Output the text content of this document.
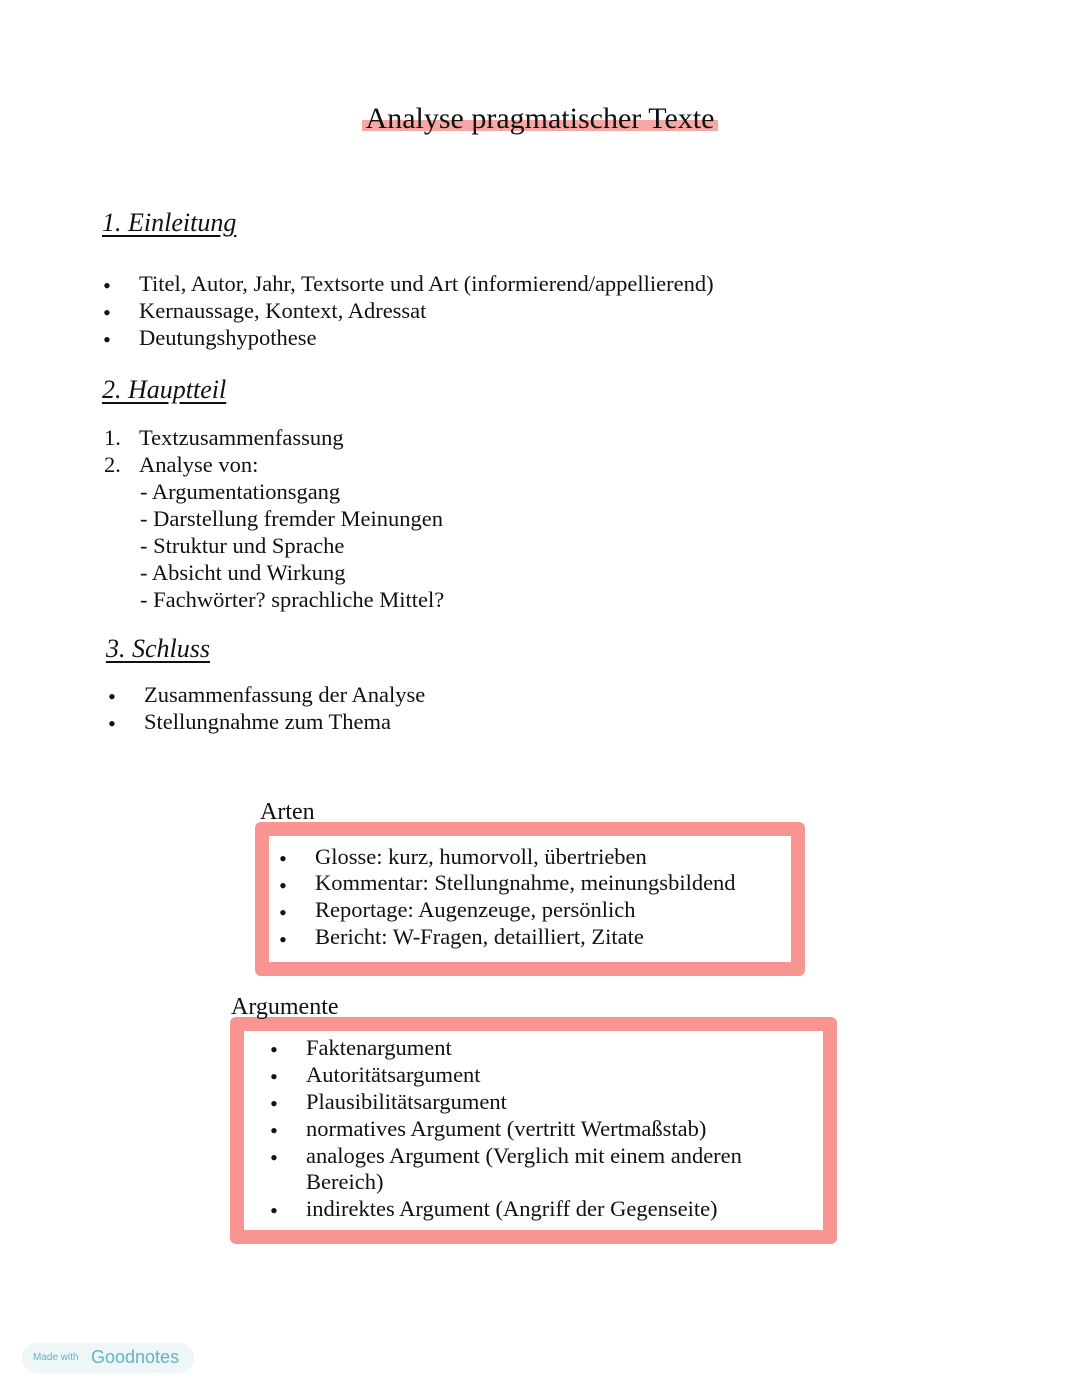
Analyse pragmatischer Texte
1. Einleitung
• Titel, Autor, Jahr, Textsorte und Art (informierend/appellierend)
• Kernaussage, Kontext, Adressat
• Deutungshypothese
2. Hauptteil
1. Textzusammenfassung
2. Analyse von:
- Argumentationsgang
- Darstellung fremder Meinungen
- Struktur und Sprache
- Absicht und Wirkung
- Fachwörter? sprachliche Mittel?
3. Schluss
• Zusammenfassung der Analyse
• Stellungnahme zum Thema
Arten
• Glosse: kurz, humorvoll, übertrieben
• Kommentar: Stellungnahme, meinungsbildend
• Reportage: Augenzeuge, persönlich
• Bericht: W-Fragen, detailliert, Zitate
Argumente
• Faktenargument
• Autoritätsargument
• Plausibilitätsargument
• normatives Argument (vertritt Wertmaßstab)
• analoges Argument (Verglich mit einem anderen
Bereich)
• indirektes Argument (Angriff der Gegenseite)
Made with Goodnotes
